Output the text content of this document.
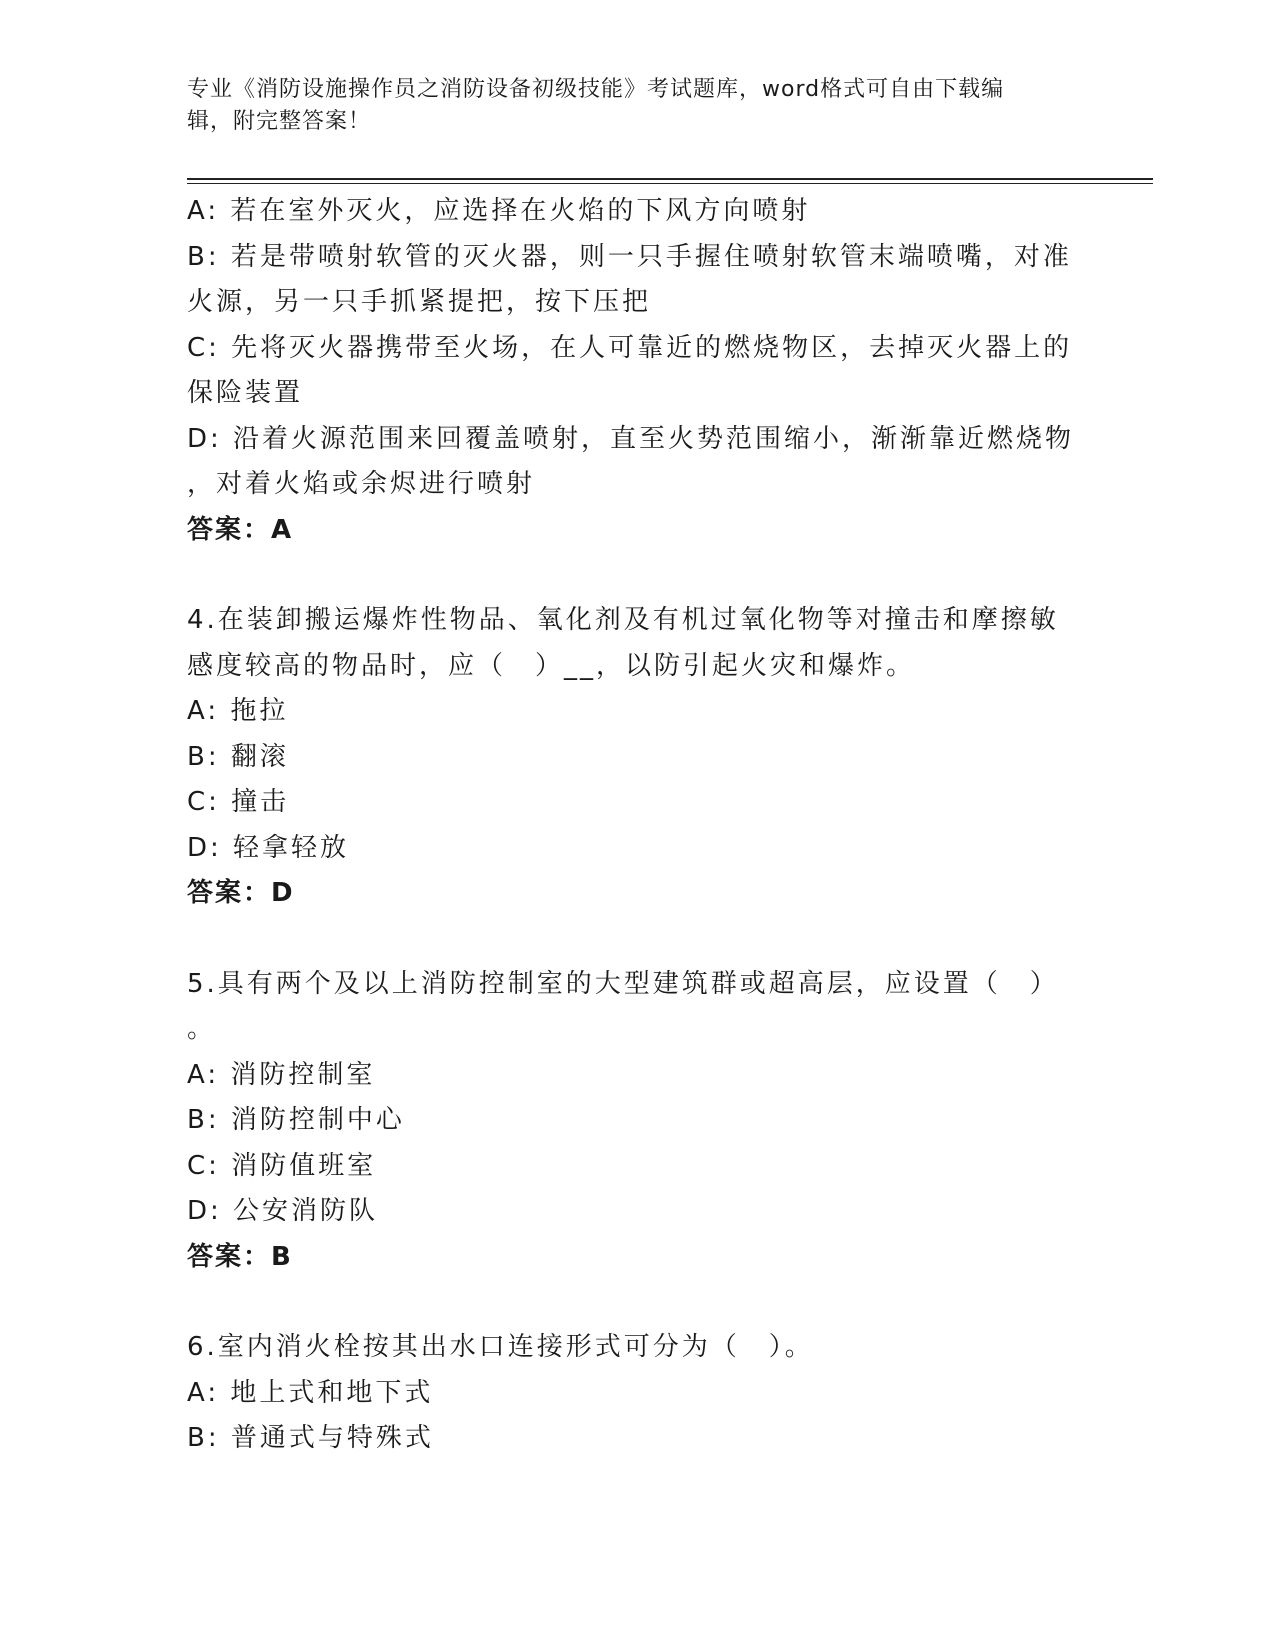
专业《消防设施操作员之消防设备初级技能》考试题库，word格式可自由下载编
辑，附完整答案！
A: 若在室外灭火，应选择在火焰的下风方向喷射
B: 若是带喷射软管的灭火器，则一只手握住喷射软管末端喷嘴，对准
火源，另一只手抓紧提把，按下压把
C: 先将灭火器携带至火场，在人可靠近的燃烧物区，去掉灭火器上的
保险装置
D: 沿着火源范围来回覆盖喷射，直至火势范围缩小，渐渐靠近燃烧物
，对着火焰或余烬进行喷射
答案：A
4.在装卸搬运爆炸性物品、氧化剂及有机过氧化物等对撞击和摩擦敏
感度较高的物品时，应（　）__，以防引起火灾和爆炸。
A: 拖拉
B: 翻滚
C: 撞击
D: 轻拿轻放
答案：D
5.具有两个及以上消防控制室的大型建筑群或超高层，应设置（　）
。
A: 消防控制室
B: 消防控制中心
C: 消防值班室
D: 公安消防队
答案：B
6.室内消火栓按其出水口连接形式可分为（　）。
A: 地上式和地下式
B: 普通式与特殊式
